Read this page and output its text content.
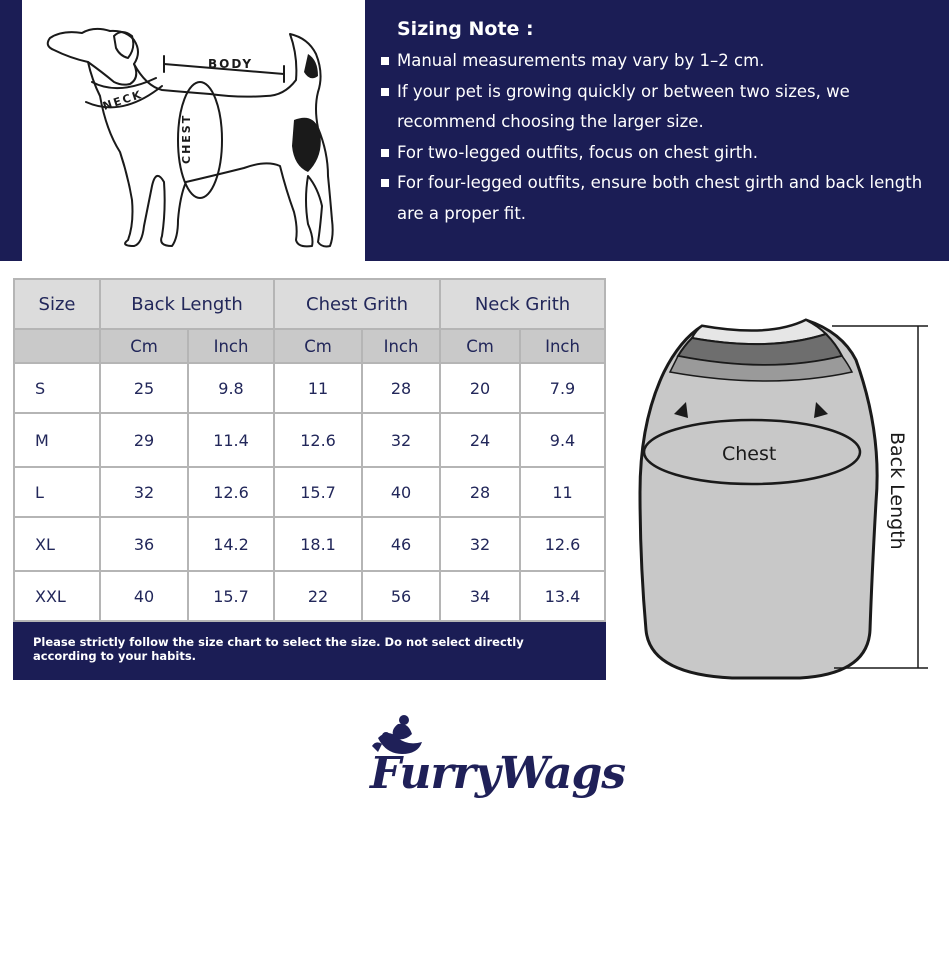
BODY
NECK
CHEST
Sizing Note :
Manual measurements may vary by 1–2 cm.
If your pet is growing quickly or between two sizes, we recommend choosing the larger size.
For two-legged outfits, focus on chest girth.
For four-legged outfits, ensure both chest girth and back length are a proper fit.
Size	Back Length		Chest Grith		Neck Grith	
	Cm	Inch	Cm	Inch	Cm	Inch
S	25	9.8	11	28	20	7.9
M	29	11.4	12.6	32	24	9.4
L	32	12.6	15.7	40	28	11
XL	36	14.2	18.1	46	32	12.6
XXL	40	15.7	22	56	34	13.4
Please strictly follow the size chart to select the size. Do not select directly according to your habits.						
Chest	Back Length
FurryWags
